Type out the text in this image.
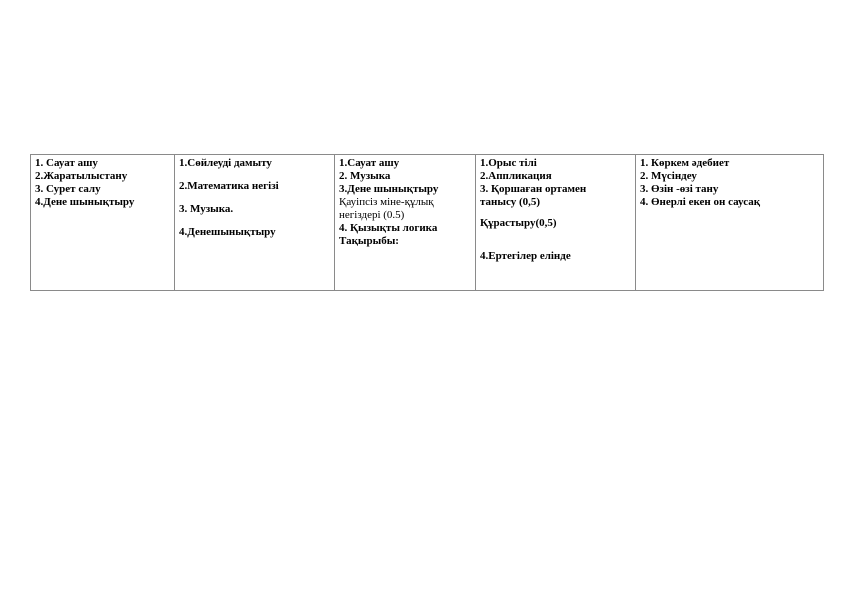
1. Сауат ашу
2.Жаратылыстану
3. Сурет салу
4.Дене шынықтыру

1.Сөйлеуді дамыту
2.Математика негізі
3. Музыка.
4.Денешынықтыру

1.Сауат ашу
2. Музыка
3.Дене шынықтыру
Қауіпсіз міне-құлық
негіздері (0.5)
4. Қызықты логика
Тақырыбы:

1.Орыс тілі
2.Аппликация
3. Қоршаған ортамен
танысу (0,5)
Құрастыру(0,5)
4.Ертегілер елінде

1. Көркем әдебиет
2. Мүсіндеу
3. Өзін -өзі тану
4. Өнерлі екен он саусақ
